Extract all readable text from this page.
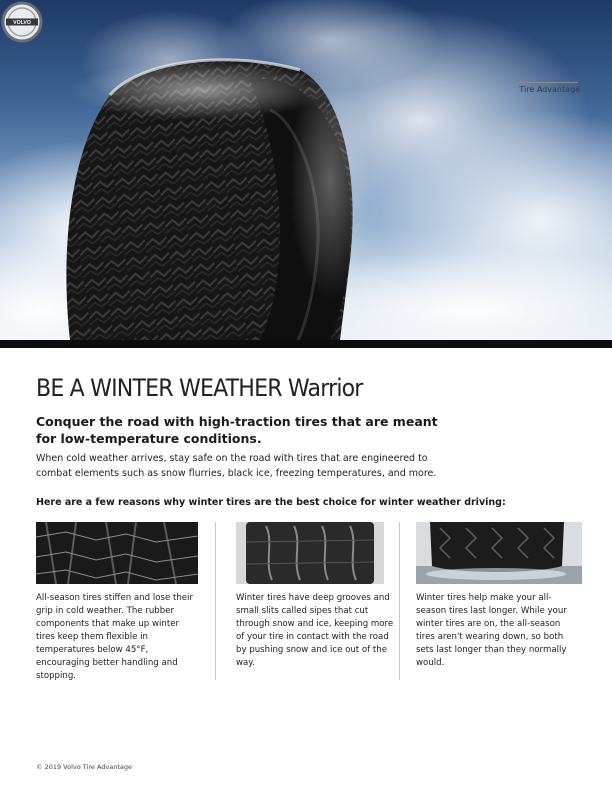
VOLVO
Tire Advantage
BE A WINTER WEATHER Warrior

Conquer the road with high-traction tires that are meant for low-temperature conditions.

When cold weather arrives, stay safe on the road with tires that are engineered to combat elements such as snow flurries, black ice, freezing temperatures, and more.

Here are a few reasons why winter tires are the best choice for winter weather driving:

All-season tires stiffen and lose their grip in cold weather. The rubber components that make up winter tires keep them flexible in temperatures below 45°F, encouraging better handling and stopping.

Winter tires have deep grooves and small slits called sipes that cut through snow and ice, keeping more of your tire in contact with the road by pushing snow and ice out of the way.

Winter tires help make your all-season tires last longer. While your winter tires are on, the all-season tires aren't wearing down, so both sets last longer than they normally would.

© 2019 Volvo Tire Advantage
